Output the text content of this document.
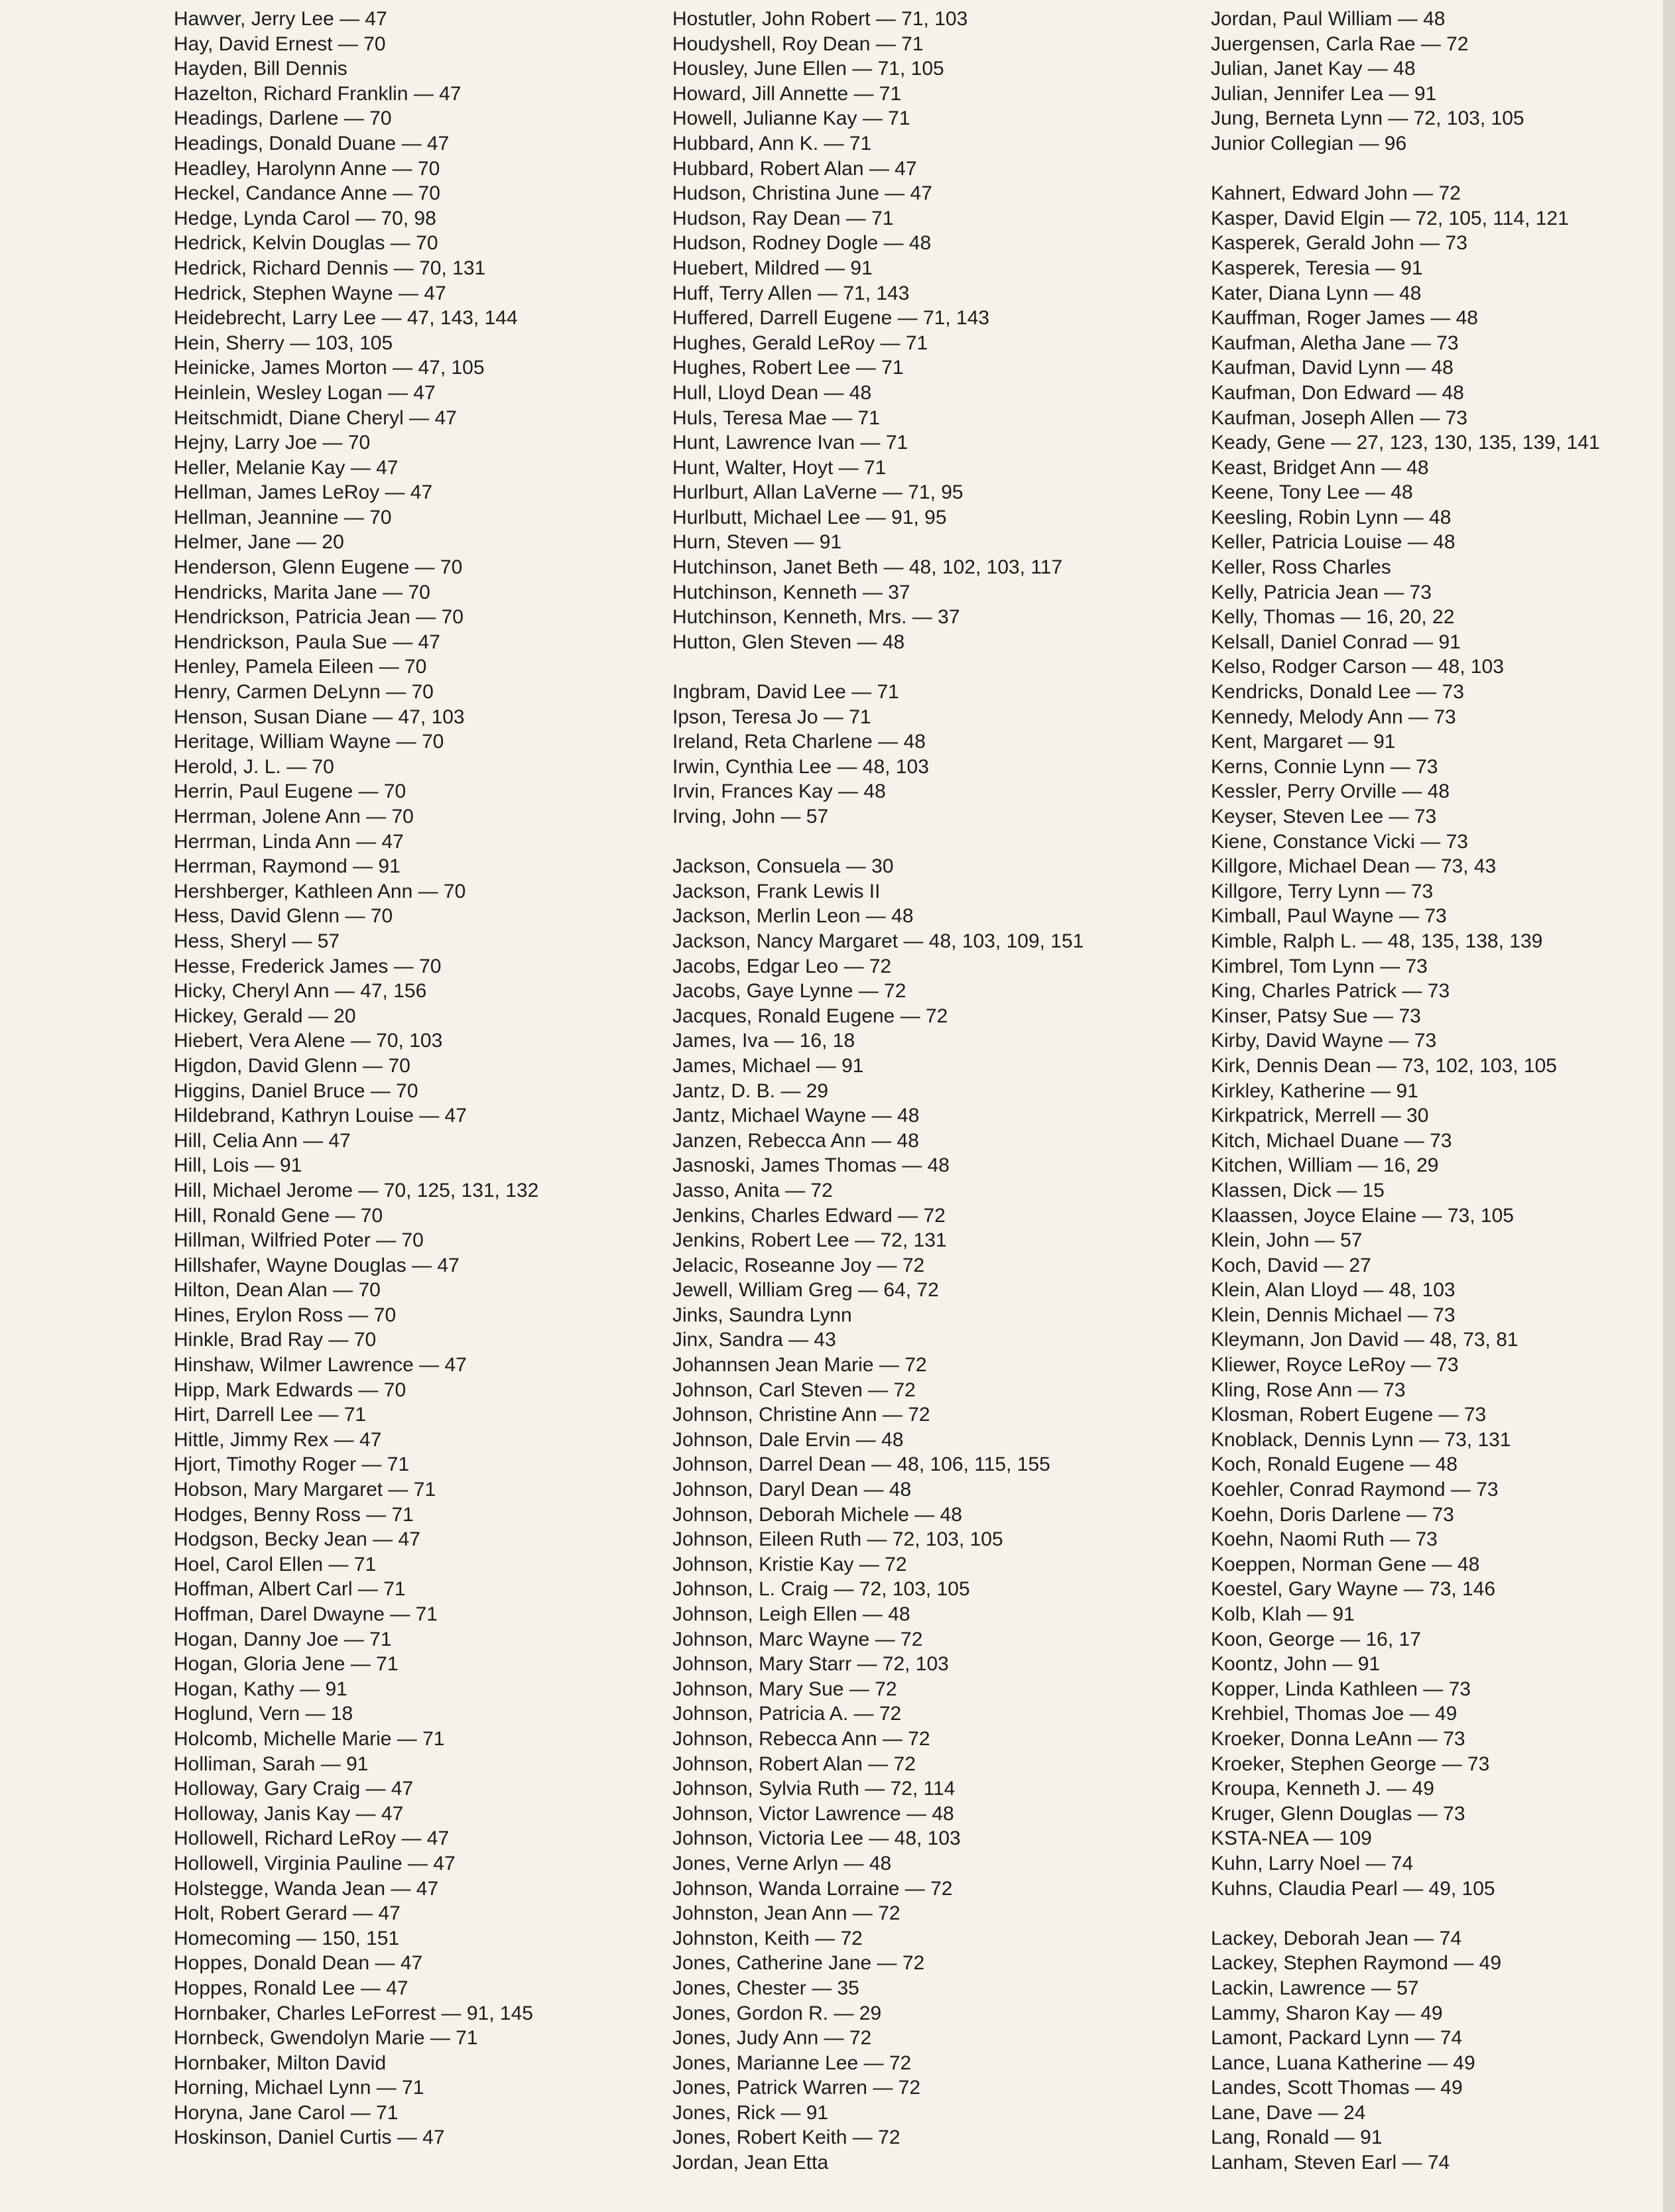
Hawver, Jerry Lee — 47
Hay, David Ernest — 70
Hayden, Bill Dennis
Hazelton, Richard Franklin — 47
Headings, Darlene — 70
Headings, Donald Duane — 47
Headley, Harolynn Anne — 70
Heckel, Candance Anne — 70
Hedge, Lynda Carol — 70, 98
Hedrick, Kelvin Douglas — 70
Hedrick, Richard Dennis — 70, 131
Hedrick, Stephen Wayne — 47
Heidebrecht, Larry Lee — 47, 143, 144
Hein, Sherry — 103, 105
Heinicke, James Morton — 47, 105
Heinlein, Wesley Logan — 47
Heitschmidt, Diane Cheryl — 47
Hejny, Larry Joe — 70
Heller, Melanie Kay — 47
Hellman, James LeRoy — 47
Hellman, Jeannine — 70
Helmer, Jane — 20
Henderson, Glenn Eugene — 70
Hendricks, Marita Jane — 70
Hendrickson, Patricia Jean — 70
Hendrickson, Paula Sue — 47
Henley, Pamela Eileen — 70
Henry, Carmen DeLynn — 70
Henson, Susan Diane — 47, 103
Heritage, William Wayne — 70
Herold, J. L. — 70
Herrin, Paul Eugene — 70
Herrman, Jolene Ann — 70
Herrman, Linda Ann — 47
Herrman, Raymond — 91
Hershberger, Kathleen Ann — 70
Hess, David Glenn — 70
Hess, Sheryl — 57
Hesse, Frederick James — 70
Hicky, Cheryl Ann — 47, 156
Hickey, Gerald — 20
Hiebert, Vera Alene — 70, 103
Higdon, David Glenn — 70
Higgins, Daniel Bruce — 70
Hildebrand, Kathryn Louise — 47
Hill, Celia Ann — 47
Hill, Lois — 91
Hill, Michael Jerome — 70, 125, 131, 132
Hill, Ronald Gene — 70
Hillman, Wilfried Poter — 70
Hillshafer, Wayne Douglas — 47
Hilton, Dean Alan — 70
Hines, Erylon Ross — 70
Hinkle, Brad Ray — 70
Hinshaw, Wilmer Lawrence — 47
Hipp, Mark Edwards — 70
Hirt, Darrell Lee — 71
Hittle, Jimmy Rex — 47
Hjort, Timothy Roger — 71
Hobson, Mary Margaret — 71
Hodges, Benny Ross — 71
Hodgson, Becky Jean — 47
Hoel, Carol Ellen — 71
Hoffman, Albert Carl — 71
Hoffman, Darel Dwayne — 71
Hogan, Danny Joe — 71
Hogan, Gloria Jene — 71
Hogan, Kathy — 91
Hoglund, Vern — 18
Holcomb, Michelle Marie — 71
Holliman, Sarah — 91
Holloway, Gary Craig — 47
Holloway, Janis Kay — 47
Hollowell, Richard LeRoy — 47
Hollowell, Virginia Pauline — 47
Holstegge, Wanda Jean — 47
Holt, Robert Gerard — 47
Homecoming — 150, 151
Hoppes, Donald Dean — 47
Hoppes, Ronald Lee — 47
Hornbaker, Charles LeForrest — 91, 145
Hornbeck, Gwendolyn Marie — 71
Hornbaker, Milton David
Horning, Michael Lynn — 71
Horyna, Jane Carol — 71
Hoskinson, Daniel Curtis — 47
Hostutler, John Robert — 71, 103
Houdyshell, Roy Dean — 71
Housley, June Ellen — 71, 105
Howard, Jill Annette — 71
Howell, Julianne Kay — 71
Hubbard, Ann K. — 71
Hubbard, Robert Alan — 47
Hudson, Christina June — 47
Hudson, Ray Dean — 71
Hudson, Rodney Dogle — 48
Huebert, Mildred — 91
Huff, Terry Allen — 71, 143
Huffered, Darrell Eugene — 71, 143
Hughes, Gerald LeRoy — 71
Hughes, Robert Lee — 71
Hull, Lloyd Dean — 48
Huls, Teresa Mae — 71
Hunt, Lawrence Ivan — 71
Hunt, Walter, Hoyt — 71
Hurlburt, Allan LaVerne — 71, 95
Hurlbutt, Michael Lee — 91, 95
Hurn, Steven — 91
Hutchinson, Janet Beth — 48, 102, 103, 117
Hutchinson, Kenneth — 37
Hutchinson, Kenneth, Mrs. — 37
Hutton, Glen Steven — 48
Ingbram, David Lee — 71
Ipson, Teresa Jo — 71
Ireland, Reta Charlene — 48
Irwin, Cynthia Lee — 48, 103
Irvin, Frances Kay — 48
Irving, John — 57
Jackson, Consuela — 30
Jackson, Frank Lewis II
Jackson, Merlin Leon — 48
Jackson, Nancy Margaret — 48, 103, 109, 151
Jacobs, Edgar Leo — 72
Jacobs, Gaye Lynne — 72
Jacques, Ronald Eugene — 72
James, Iva — 16, 18
James, Michael — 91
Jantz, D. B. — 29
Jantz, Michael Wayne — 48
Janzen, Rebecca Ann — 48
Jasnoski, James Thomas — 48
Jasso, Anita — 72
Jenkins, Charles Edward — 72
Jenkins, Robert Lee — 72, 131
Jelacic, Roseanne Joy — 72
Jewell, William Greg — 64, 72
Jinks, Saundra Lynn
Jinx, Sandra — 43
Johannsen Jean Marie — 72
Johnson, Carl Steven — 72
Johnson, Christine Ann — 72
Johnson, Dale Ervin — 48
Johnson, Darrel Dean — 48, 106, 115, 155
Johnson, Daryl Dean — 48
Johnson, Deborah Michele — 48
Johnson, Eileen Ruth — 72, 103, 105
Johnson, Kristie Kay — 72
Johnson, L. Craig — 72, 103, 105
Johnson, Leigh Ellen — 48
Johnson, Marc Wayne — 72
Johnson, Mary Starr — 72, 103
Johnson, Mary Sue — 72
Johnson, Patricia A. — 72
Johnson, Rebecca Ann — 72
Johnson, Robert Alan — 72
Johnson, Sylvia Ruth — 72, 114
Johnson, Victor Lawrence — 48
Johnson, Victoria Lee — 48, 103
Jones, Verne Arlyn — 48
Johnson, Wanda Lorraine — 72
Johnston, Jean Ann — 72
Johnston, Keith — 72
Jones, Catherine Jane — 72
Jones, Chester — 35
Jones, Gordon R. — 29
Jones, Judy Ann — 72
Jones, Marianne Lee — 72
Jones, Patrick Warren — 72
Jones, Rick — 91
Jones, Robert Keith — 72
Jordan, Jean Etta
Jordan, Paul William — 48
Juergensen, Carla Rae — 72
Julian, Janet Kay — 48
Julian, Jennifer Lea — 91
Jung, Berneta Lynn — 72, 103, 105
Junior Collegian — 96
Kahnert, Edward John — 72
Kasper, David Elgin — 72, 105, 114, 121
Kasperek, Gerald John — 73
Kasperek, Teresia — 91
Kater, Diana Lynn — 48
Kauffman, Roger James — 48
Kaufman, Aletha Jane — 73
Kaufman, David Lynn — 48
Kaufman, Don Edward — 48
Kaufman, Joseph Allen — 73
Keady, Gene — 27, 123, 130, 135, 139, 141
Keast, Bridget Ann — 48
Keene, Tony Lee — 48
Keesling, Robin Lynn — 48
Keller, Patricia Louise — 48
Keller, Ross Charles
Kelly, Patricia Jean — 73
Kelly, Thomas — 16, 20, 22
Kelsall, Daniel Conrad — 91
Kelso, Rodger Carson — 48, 103
Kendricks, Donald Lee — 73
Kennedy, Melody Ann — 73
Kent, Margaret — 91
Kerns, Connie Lynn — 73
Kessler, Perry Orville — 48
Keyser, Steven Lee — 73
Kiene, Constance Vicki — 73
Killgore, Michael Dean — 73, 43
Killgore, Terry Lynn — 73
Kimball, Paul Wayne — 73
Kimble, Ralph L. — 48, 135, 138, 139
Kimbrel, Tom Lynn — 73
King, Charles Patrick — 73
Kinser, Patsy Sue — 73
Kirby, David Wayne — 73
Kirk, Dennis Dean — 73, 102, 103, 105
Kirkley, Katherine — 91
Kirkpatrick, Merrell — 30
Kitch, Michael Duane — 73
Kitchen, William — 16, 29
Klassen, Dick — 15
Klaassen, Joyce Elaine — 73, 105
Klein, John — 57
Koch, David — 27
Klein, Alan Lloyd — 48, 103
Klein, Dennis Michael — 73
Kleymann, Jon David — 48, 73, 81
Kliewer, Royce LeRoy — 73
Kling, Rose Ann — 73
Klosman, Robert Eugene — 73
Knoblack, Dennis Lynn — 73, 131
Koch, Ronald Eugene — 48
Koehler, Conrad Raymond — 73
Koehn, Doris Darlene — 73
Koehn, Naomi Ruth — 73
Koeppen, Norman Gene — 48
Koestel, Gary Wayne — 73, 146
Kolb, Klah — 91
Koon, George — 16, 17
Koontz, John — 91
Kopper, Linda Kathleen — 73
Krehbiel, Thomas Joe — 49
Kroeker, Donna LeAnn — 73
Kroeker, Stephen George — 73
Kroupa, Kenneth J. — 49
Kruger, Glenn Douglas — 73
KSTA-NEA — 109
Kuhn, Larry Noel — 74
Kuhns, Claudia Pearl — 49, 105
Lackey, Deborah Jean — 74
Lackey, Stephen Raymond — 49
Lackin, Lawrence — 57
Lammy, Sharon Kay — 49
Lamont, Packard Lynn — 74
Lance, Luana Katherine — 49
Landes, Scott Thomas — 49
Lane, Dave — 24
Lang, Ronald — 91
Lanham, Steven Earl — 74
